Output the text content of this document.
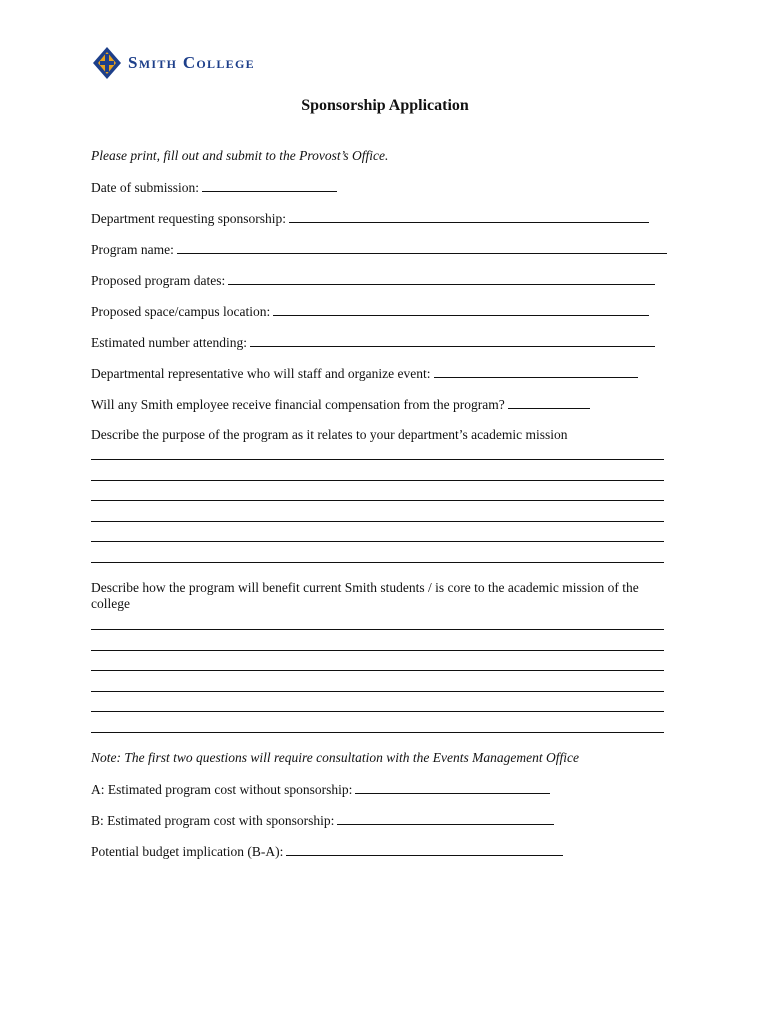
Smith College
Sponsorship Application
Please print, fill out and submit to the Provost’s Office.
Date of submission:
Department requesting sponsorship:
Program name:
Proposed program dates:
Proposed space/campus location:
Estimated number attending:
Departmental representative who will staff and organize event:
Will any Smith employee receive financial compensation from the program?
Describe the purpose of the program as it relates to your department’s academic mission
Describe how the program will benefit current Smith students / is core to the academic mission of the college
Note: The first two questions will require consultation with the Events Management Office
A: Estimated program cost without sponsorship:
B: Estimated program cost with sponsorship:
Potential budget implication (B-A):
